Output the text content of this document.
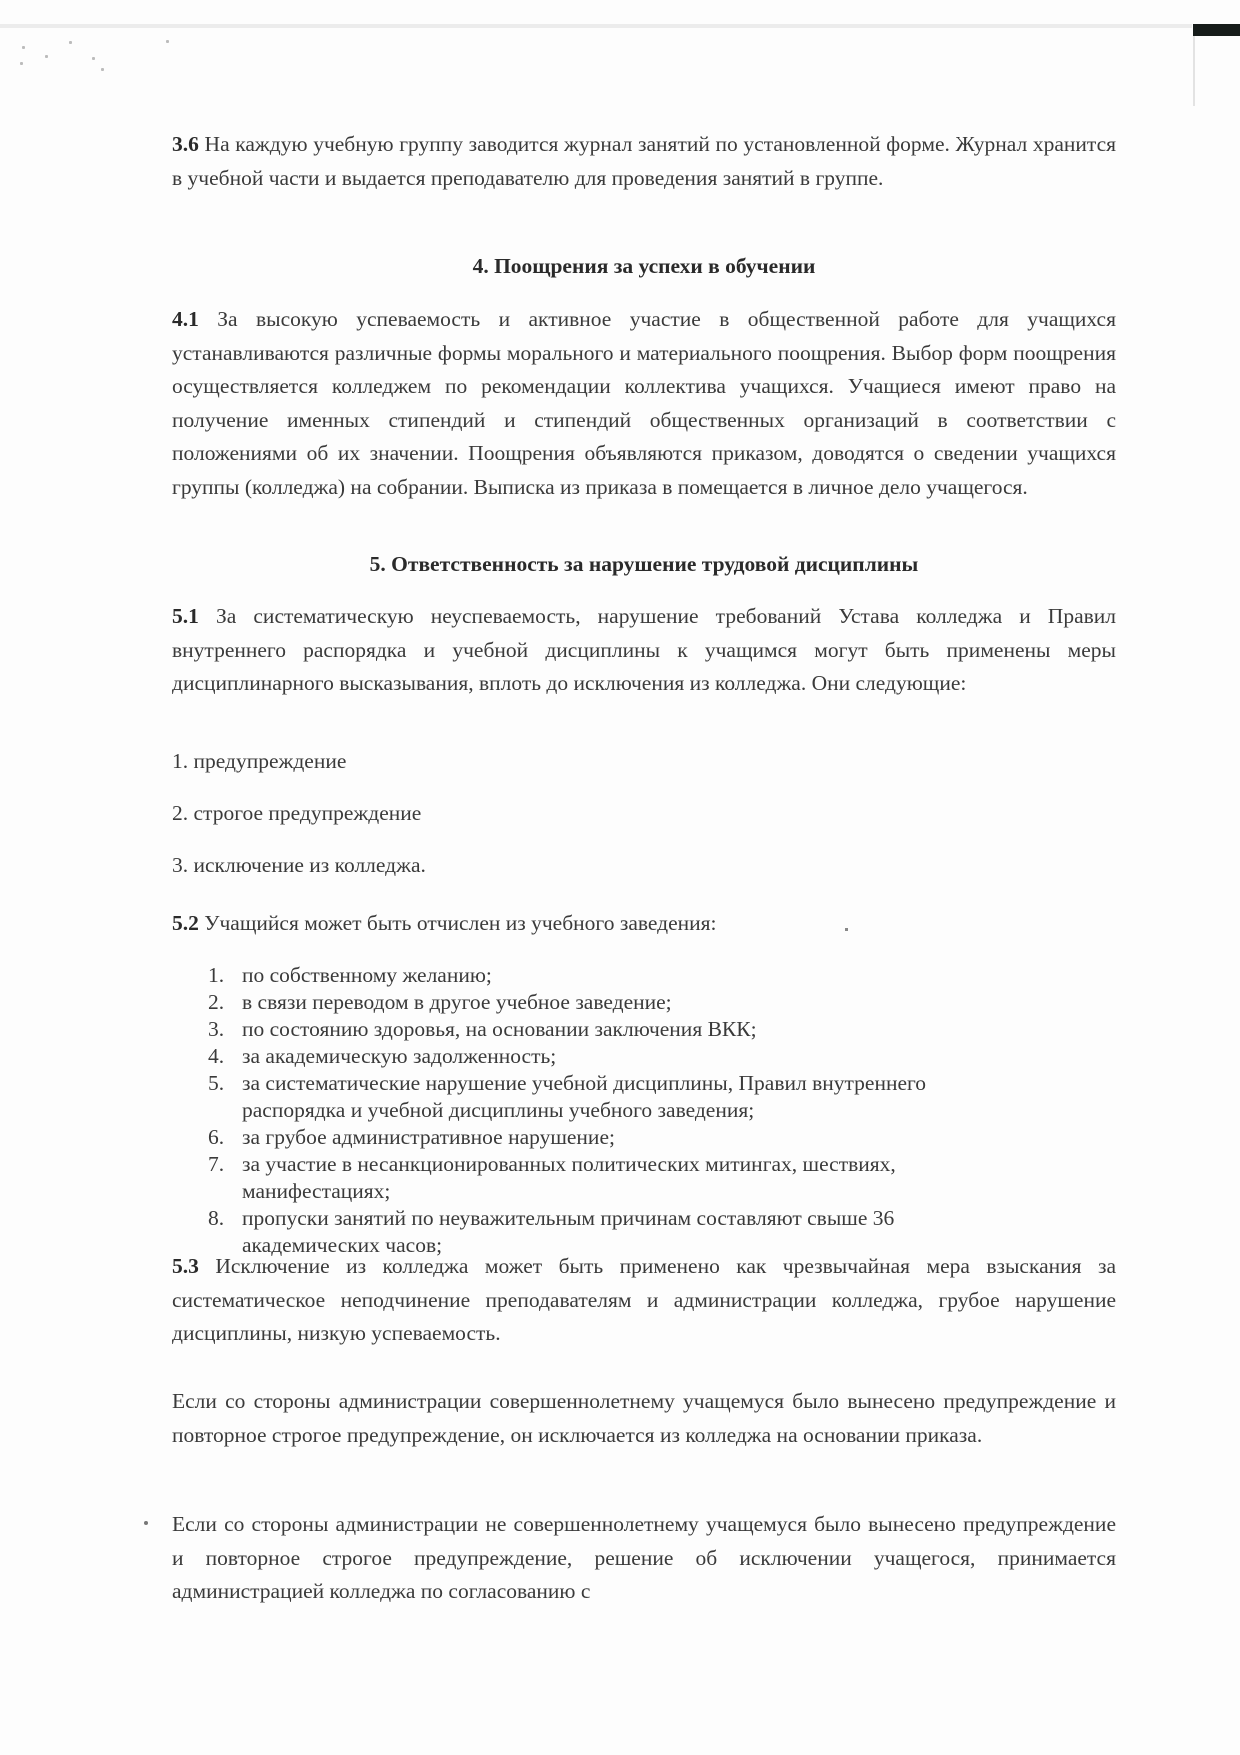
3.6 На каждую учебную группу заводится журнал занятий по установленной форме. Журнал хранится в учебной части и выдается преподавателю для проведения занятий в группе.
4. Поощрения за успехи в обучении
4.1 За высокую успеваемость и активное участие в общественной работе для учащихся устанавливаются различные формы морального и материального поощрения. Выбор форм поощрения осуществляется колледжем по рекомендации коллектива учащихся. Учащиеся имеют право на получение именных стипендий и стипендий общественных организаций в соответствии с положениями об их значении. Поощрения объявляются приказом, доводятся о сведении учащихся группы (колледжа) на собрании. Выписка из приказа в помещается в личное дело учащегося.
5. Ответственность за нарушение трудовой дисциплины
5.1 За систематическую неуспеваемость, нарушение требований Устава колледжа и Правил внутреннего распорядка и учебной дисциплины к учащимся могут быть применены меры дисциплинарного высказывания, вплоть до исключения из колледжа. Они следующие:
1. предупреждение
2. строгое предупреждение
3. исключение из колледжа.
5.2 Учащийся может быть отчислен из учебного заведения:
1. по собственному желанию;
2. в связи переводом в другое учебное заведение;
3. по состоянию здоровья, на основании заключения ВКК;
4. за академическую задолженность;
5. за систематические нарушение учебной дисциплины, Правил внутреннего распорядка и учебной дисциплины учебного заведения;
6. за грубое административное нарушение;
7. за участие в несанкционированных политических митингах, шествиях, манифестациях;
8. пропуски занятий по неуважительным причинам составляют свыше 36 академических часов;
5.3 Исключение из колледжа может быть применено как чрезвычайная мера взыскания за систематическое неподчинение преподавателям и администрации колледжа, грубое нарушение дисциплины, низкую успеваемость.
Если со стороны администрации совершеннолетнему учащемуся было вынесено предупреждение и повторное строгое предупреждение, он исключается из колледжа на основании приказа.
Если со стороны администрации не совершеннолетнему учащемуся было вынесено предупреждение и повторное строгое предупреждение, решение об исключении учащегося, принимается администрацией колледжа по согласованию с
